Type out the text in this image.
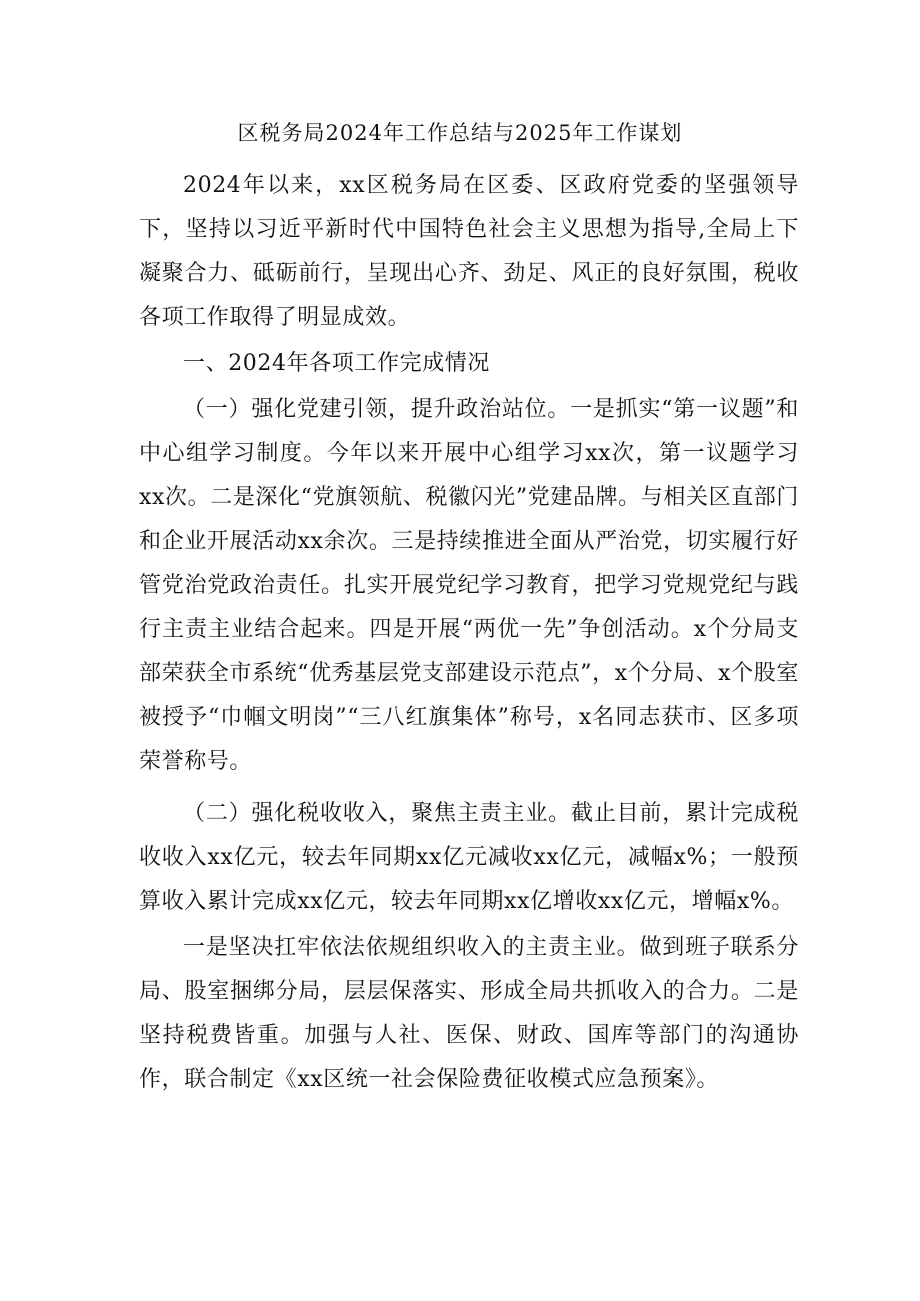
区税务局2024年工作总结与2025年工作谋划

2024年以来，xx区税务局在区委、区政府党委的坚强领导下，坚持以习近平新时代中国特色社会主义思想为指导,全局上下凝聚合力、砥砺前行，呈现出心齐、劲足、风正的良好氛围，税收各项工作取得了明显成效。

一、2024年各项工作完成情况

（一）强化党建引领，提升政治站位。一是抓实“第一议题”和中心组学习制度。今年以来开展中心组学习xx次，第一议题学习xx次。二是深化“党旗领航、税徽闪光”党建品牌。与相关区直部门和企业开展活动xx余次。三是持续推进全面从严治党，切实履行好管党治党政治责任。扎实开展党纪学习教育，把学习党规党纪与践行主责主业结合起来。四是开展“两优一先”争创活动。x个分局支部荣获全市系统“优秀基层党支部建设示范点”，x个分局、x个股室被授予“巾帼文明岗”“三八红旗集体”称号，x名同志获市、区多项荣誉称号。

（二）强化税收收入，聚焦主责主业。截止目前，累计完成税收收入xx亿元，较去年同期xx亿元减收xx亿元，减幅x%；一般预算收入累计完成xx亿元，较去年同期xx亿增收xx亿元，增幅x%。

一是坚决扛牢依法依规组织收入的主责主业。做到班子联系分局、股室捆绑分局，层层保落实、形成全局共抓收入的合力。二是坚持税费皆重。加强与人社、医保、财政、国库等部门的沟通协作，联合制定《xx区统一社会保险费征收模式应急预案》。
